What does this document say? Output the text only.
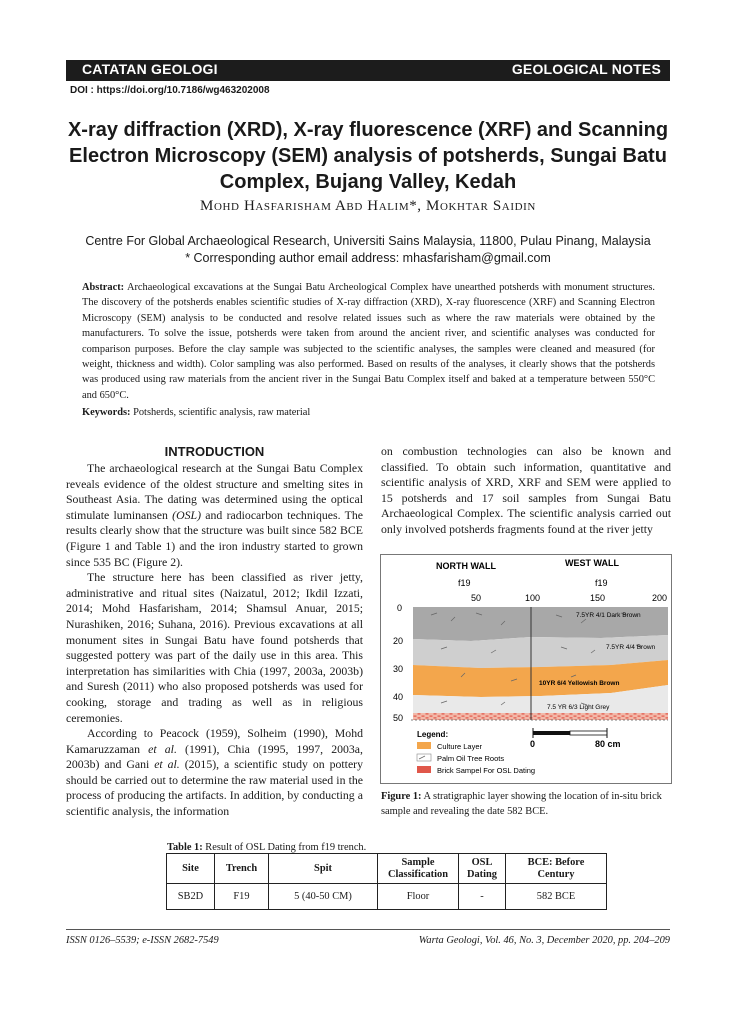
CATATAN GEOLOGI	GEOLOGICAL NOTES
DOI : https://doi.org/10.7186/wg463202008
X-ray diffraction (XRD), X-ray fluorescence (XRF) and Scanning Electron Microscopy (SEM) analysis of potsherds, Sungai Batu Complex, Bujang Valley, Kedah
Mohd Hasfarisham Abd Halim*, Mokhtar Saidin
Centre For Global Archaeological Research, Universiti Sains Malaysia, 11800, Pulau Pinang, Malaysia
* Corresponding author email address: mhasfarisham@gmail.com
Abstract: Archaeological excavations at the Sungai Batu Archeological Complex have unearthed potsherds with monument structures. The discovery of the potsherds enables scientific studies of X-ray diffraction (XRD), X-ray fluorescence (XRF) and Scanning Electron Microscopy (SEM) analysis to be conducted and resolve related issues such as where the raw materials were obtained by the manufacturers. To solve the issue, potsherds were taken from around the ancient river, and scientific analyses was conducted for comparison purposes. Before the clay sample was subjected to the scientific analyses, the samples were cleaned and measured (for weight, thickness and width). Color sampling was also performed. Based on results of the analyses, it clearly shows that the potsherds was produced using raw materials from the ancient river in the Sungai Batu Complex itself and baked at a temperature between 550°C and 650°C.
Keywords: Potsherds, scientific analysis, raw material
INTRODUCTION

The archaeological research at the Sungai Batu Complex reveals evidence of the oldest structure and smelting sites in Southeast Asia. The dating was determined using the optical stimulate luminansen (OSL) and radiocarbon techniques. The results clearly show that the structure was built since 582 BCE (Figure 1 and Table 1) and the iron industry started to grown since 535 BC (Figure 2).

The structure here has been classified as river jetty, administrative and ritual sites (Naizatul, 2012; Ikdil Izzati, 2014; Mohd Hasfarisham, 2014; Shamsul Anuar, 2015; Nurashiken, 2016; Suhana, 2016). Previous excavations at all monument sites in Sungai Batu have found potsherds that suggested pottery was part of the daily use in this area. This interpretation has similarities with Chia (1997, 2003a, 2003b) and Suresh (2011) who also proposed potsherds was used for cooking, storage and trading as well as in religious ceremonies.

According to Peacock (1959), Solheim (1990), Mohd Kamaruzzaman et al. (1991), Chia (1995, 1997, 2003a, 2003b) and Gani et al. (2015), a scientific study on pottery should be carried out to determine the raw material used in the process of producing the artifacts. In addition, by conducting a scientific analysis, the information

on combustion technologies can also be known and classified. To obtain such information, quantitative and scientific analysis of XRD, XRF and SEM were applied to 15 potsherds and 17 soil samples from Sungai Batu Archaeological Complex. The scientific analysis carried out only involved potsherds fragments found at the river jetty

NORTH WALL	WEST WALL
f19	f19
50	100	150	200
7.5YR 4/1 Dark Brown
7.5YR 4/4 Brown
10YR 6/4 Yellowish Brown
7.5 YR 6/3 Light Grey
0
20
30
40
50
Legend:
Culture Layer
Palm Oil Tree Roots
Brick Sampel For OSL Dating
0	80 cm
Figure 1: A stratigraphic layer showing the location of in-situ brick sample and revealing the date 582 BCE.
Table 1: Result of OSL Dating from f19 trench.
Site	Trench	Spit	Sample Classification	OSL Dating	BCE: Before Century
SB2D	F19	5 (40-50 CM)	Floor	-	582 BCE
ISSN 0126–5539; e-ISSN 2682-7549	Warta Geologi, Vol. 46, No. 3, December 2020, pp. 204–209
